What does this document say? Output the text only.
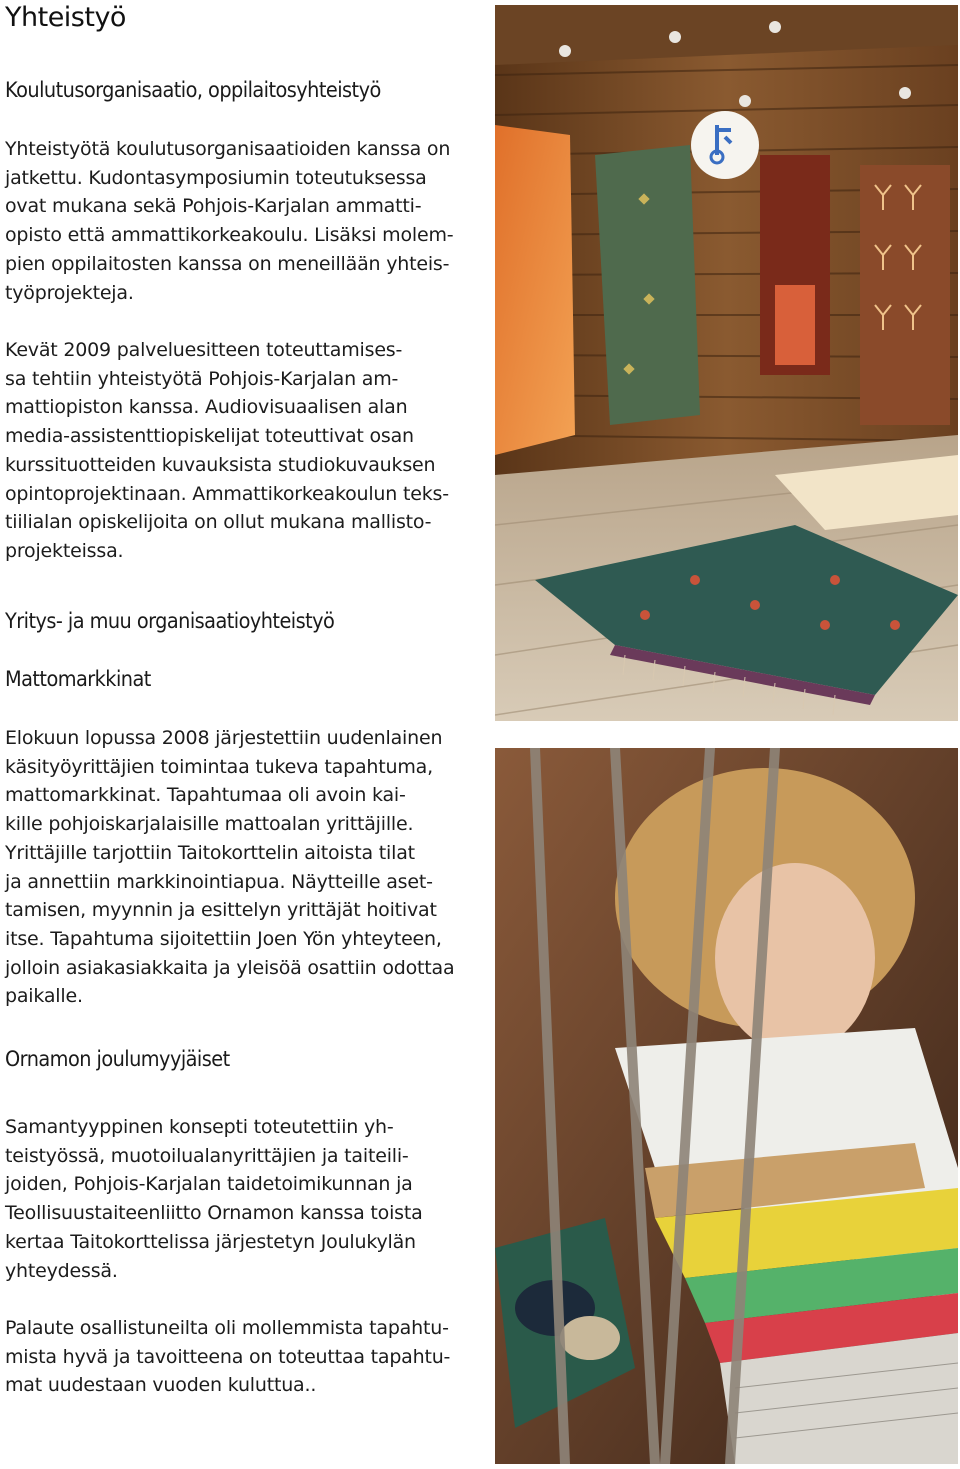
Yhteistyö
Koulutusorganisaatio, oppilaitosyhteistyö

Yhteistyötä koulutusorganisaatioiden kanssa on
jatkettu. Kudontasymposiumin toteutuksessa
ovat mukana sekä Pohjois-Karjalan ammatti-
opisto että ammattikorkeakoulu. Lisäksi molem-
pien oppilaitosten kanssa on meneillään yhteis-
työprojekteja.

Kevät 2009 palveluesitteen toteuttamises-
sa tehtiin yhteistyötä Pohjois-Karjalan am-
mattiopiston kanssa. Audiovisuaalisen alan
media-assistenttiopiskelijat toteuttivat osan
kurssituotteiden kuvauksista studiokuvauksen
opintoprojektinaan. Ammattikorkeakoulun teks-
tiilialan opiskelijoita on ollut mukana mallisto-
projekteissa.

Yritys- ja muu organisaatioyhteistyö
Mattomarkkinat

Elokuun lopussa 2008 järjestettiin uudenlainen
käsityöyrittäjien toimintaa tukeva tapahtuma,
mattomarkkinat. Tapahtumaa oli avoin kai-
kille pohjoiskarjalaisille mattoalan yrittäjille.
Yrittäjille tarjottiin Taitokorttelin aitoista tilat
ja annettiin markkinointiapua. Näytteille aset-
tamisen, myynnin ja esittelyn yrittäjät hoitivat
itse. Tapahtuma sijoitettiin Joen Yön yhteyteen,
jolloin asiakasiakkaita ja yleisöä osattiin odottaa
paikalle.

Ornamon joulumyyjäiset

Samantyyppinen konsepti toteutettiin yh-
teistyössä, muotoilualanyrittäjien ja taiteili-
joiden, Pohjois-Karjalan taidetoimikunnan ja
Teollisuustaiteenliitto Ornamon kanssa toista
kertaa Taitokorttelissa järjestetyn Joulukylän
yhteydessä.

Palaute osallistuneilta oli mollemmista tapahtu-
mista hyvä ja tavoitteena on toteuttaa tapahtu-
mat uudestaan vuoden kuluttua..
